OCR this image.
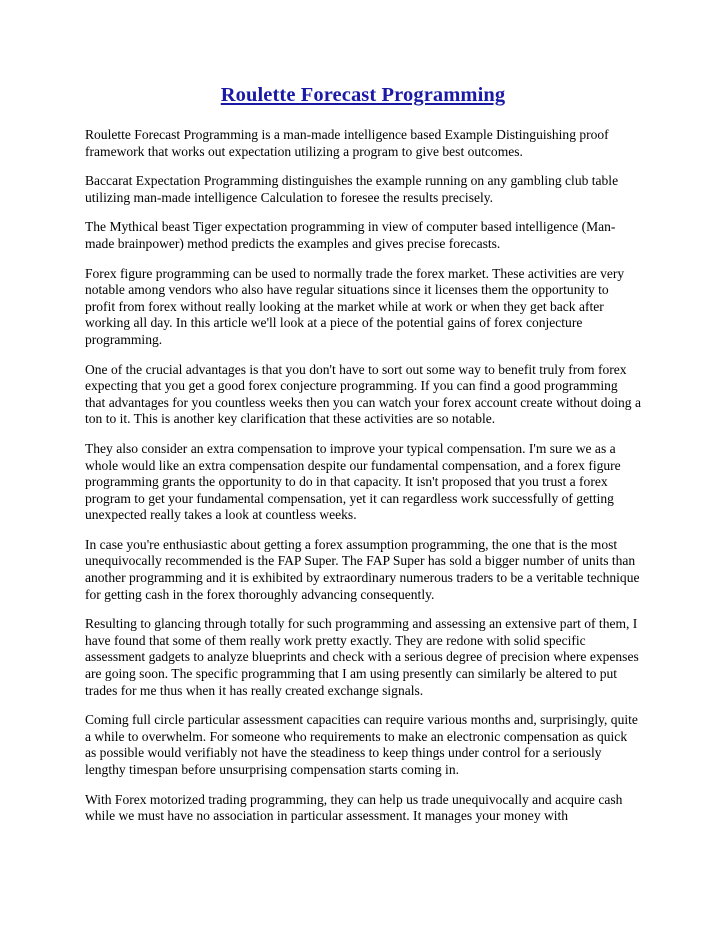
Roulette Forecast Programming

Roulette Forecast Programming is a man-made intelligence based Example Distinguishing proof framework that works out expectation utilizing a program to give best outcomes.

Baccarat Expectation Programming distinguishes the example running on any gambling club table utilizing man-made intelligence Calculation to foresee the results precisely.

The Mythical beast Tiger expectation programming in view of computer based intelligence (Man-made brainpower) method predicts the examples and gives precise forecasts.

Forex figure programming can be used to normally trade the forex market. These activities are very notable among vendors who also have regular situations since it licenses them the opportunity to profit from forex without really looking at the market while at work or when they get back after working all day. In this article we'll look at a piece of the potential gains of forex conjecture programming.

One of the crucial advantages is that you don't have to sort out some way to benefit truly from forex expecting that you get a good forex conjecture programming. If you can find a good programming that advantages for you countless weeks then you can watch your forex account create without doing a ton to it. This is another key clarification that these activities are so notable.

They also consider an extra compensation to improve your typical compensation. I'm sure we as a whole would like an extra compensation despite our fundamental compensation, and a forex figure programming grants the opportunity to do in that capacity. It isn't proposed that you trust a forex program to get your fundamental compensation, yet it can regardless work successfully of getting unexpected really takes a look at countless weeks.

In case you're enthusiastic about getting a forex assumption programming, the one that is the most unequivocally recommended is the FAP Super. The FAP Super has sold a bigger number of units than another programming and it is exhibited by extraordinary numerous traders to be a veritable technique for getting cash in the forex thoroughly advancing consequently.

Resulting to glancing through totally for such programming and assessing an extensive part of them, I have found that some of them really work pretty exactly. They are redone with solid specific assessment gadgets to analyze blueprints and check with a serious degree of precision where expenses are going soon. The specific programming that I am using presently can similarly be altered to put trades for me thus when it has really created exchange signals.

Coming full circle particular assessment capacities can require various months and, surprisingly, quite a while to overwhelm. For someone who requirements to make an electronic compensation as quick as possible would verifiably not have the steadiness to keep things under control for a seriously lengthy timespan before unsurprising compensation starts coming in.

With Forex motorized trading programming, they can help us trade unequivocally and acquire cash while we must have no association in particular assessment. It manages your money with
